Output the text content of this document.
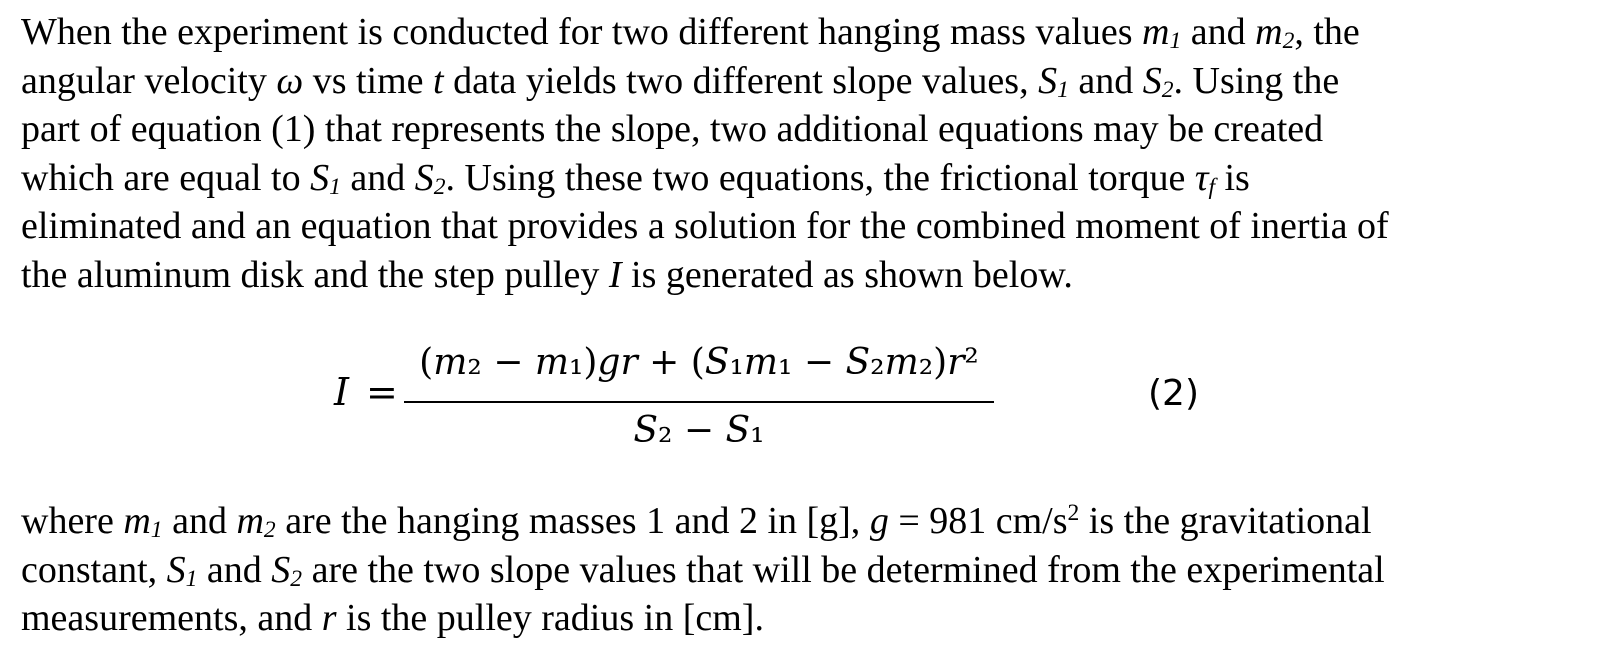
When the experiment is conducted for two different hanging mass values $m_1$ and $m_2$, the
angular velocity ω vs time t data yields two different slope values, $S_1$ and $S_2$. Using the
part of equation (1) that represents the slope, two additional equations may be created
which are equal to $S_1$ and $S_2$. Using these two equations, the frictional torque $\tau_f$ is
eliminated and an equation that provides a solution for the combined moment of inertia of
the aluminum disk and the step pulley I is generated as shown below.
I =
(𝑚₂ − 𝑚₁)𝑔𝑟 + (𝑆₁𝑚₁ − 𝑆₂𝑚₂)𝑟²
𝑆₂ − 𝑆₁
(2)
where $m_1$ and $m_2$ are the hanging masses 1 and 2 in [g], g = 981 $cm/s^2$ is the gravitational
constant, $S_1$ and $S_2$ are the two slope values that will be determined from the experimental
measurements, and r is the pulley radius in [cm].
